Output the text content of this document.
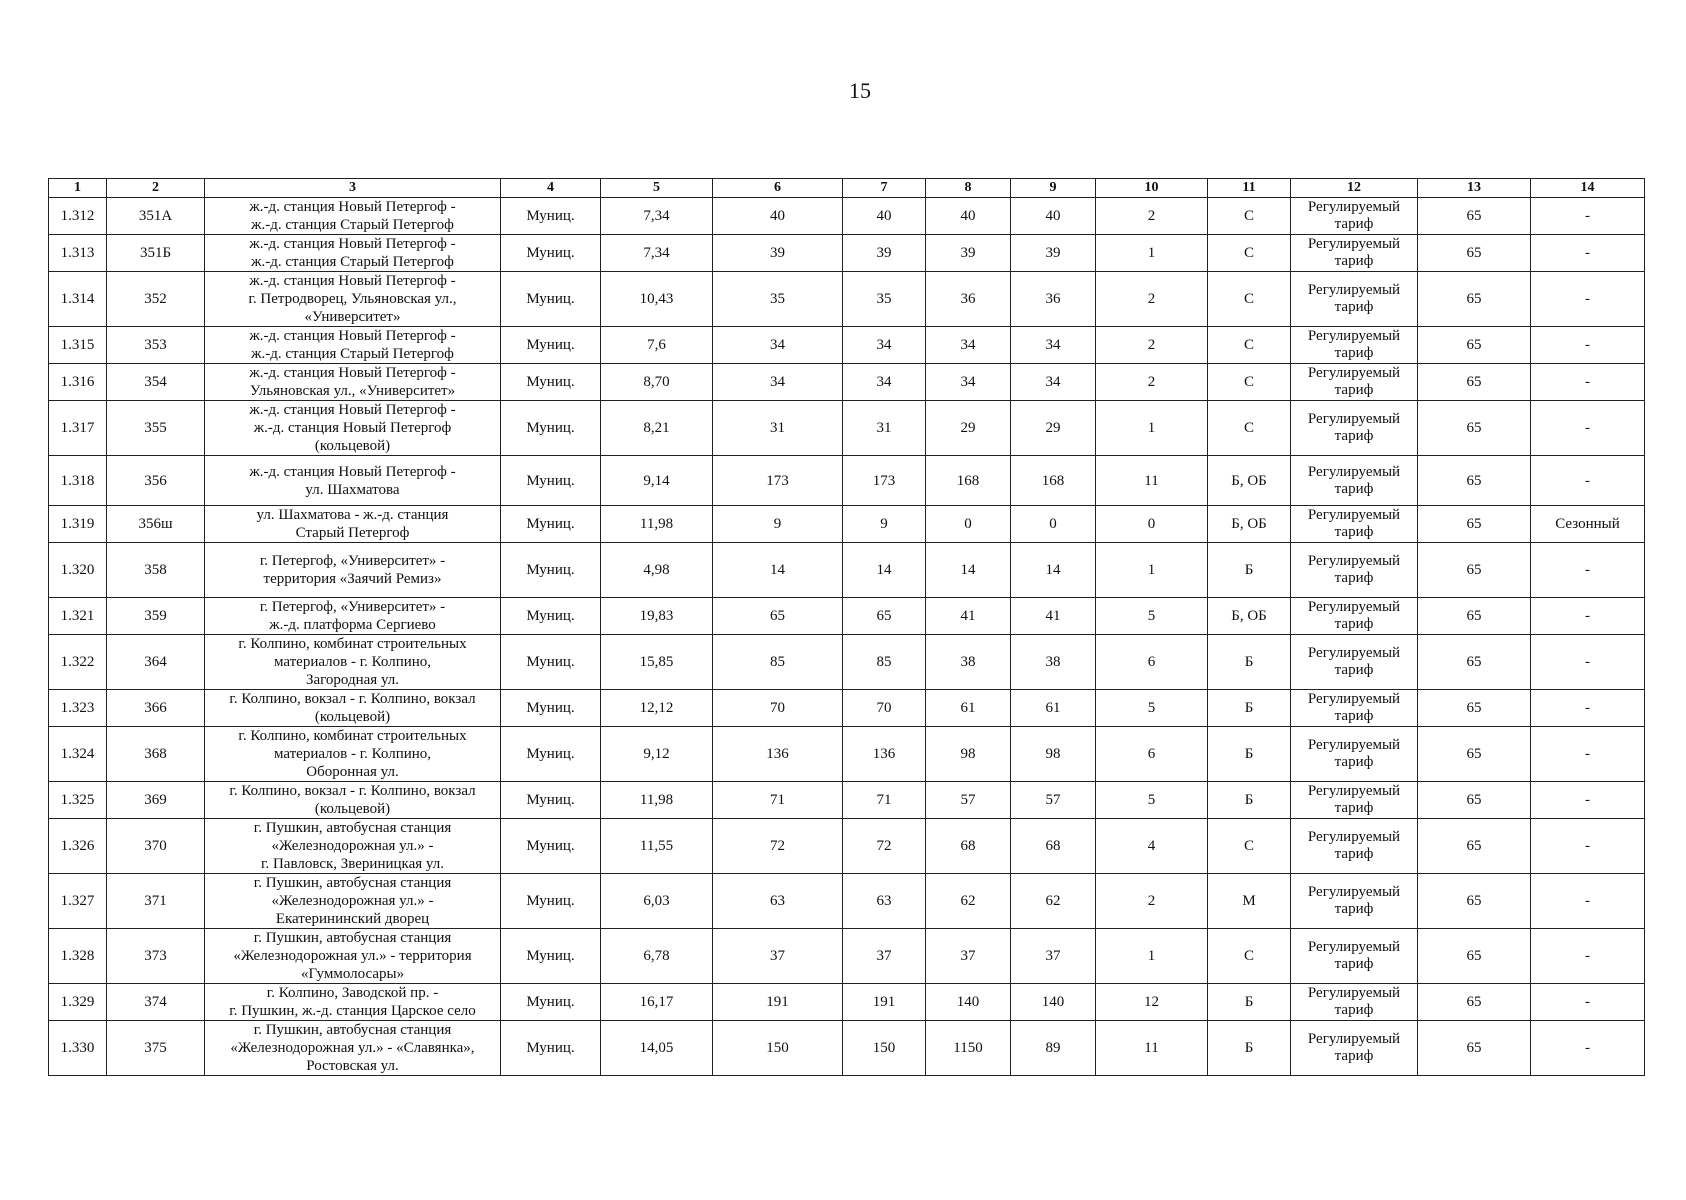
15
1	2	3	4	5	6	7	8	9	10	11	12	13	14
1.312	351А	ж.-д. станция Новый Петергоф -
ж.-д. станция Старый Петергоф	Муниц.	7,34	40	40	40	40	2	С	Регулируемый
тариф	65	-
1.313	351Б	ж.-д. станция Новый Петергоф -
ж.-д. станция Старый Петергоф	Муниц.	7,34	39	39	39	39	1	С	Регулируемый
тариф	65	-
1.314	352	ж.-д. станция Новый Петергоф -
г. Петродворец, Ульяновская ул.,
«Университет»	Муниц.	10,43	35	35	36	36	2	С	Регулируемый
тариф	65	-
1.315	353	ж.-д. станция Новый Петергоф -
ж.-д. станция Старый Петергоф	Муниц.	7,6	34	34	34	34	2	С	Регулируемый
тариф	65	-
1.316	354	ж.-д. станция Новый Петергоф -
Ульяновская ул., «Университет»	Муниц.	8,70	34	34	34	34	2	С	Регулируемый
тариф	65	-
1.317	355	ж.-д. станция Новый Петергоф -
ж.-д. станция Новый Петергоф
(кольцевой)	Муниц.	8,21	31	31	29	29	1	С	Регулируемый
тариф	65	-
1.318	356	ж.-д. станция Новый Петергоф -
ул. Шахматова	Муниц.	9,14	173	173	168	168	11	Б, ОБ	Регулируемый
тариф	65	-
1.319	356ш	ул. Шахматова - ж.-д. станция
Старый Петергоф	Муниц.	11,98	9	9	0	0	0	Б, ОБ	Регулируемый
тариф	65	Сезонный
1.320	358	г. Петергоф, «Университет» -
территория «Заячий Ремиз»	Муниц.	4,98	14	14	14	14	1	Б	Регулируемый
тариф	65	-
1.321	359	г. Петергоф, «Университет» -
ж.-д. платформа Сергиево	Муниц.	19,83	65	65	41	41	5	Б, ОБ	Регулируемый
тариф	65	-
1.322	364	г. Колпино, комбинат строительных
материалов - г. Колпино,
Загородная ул.	Муниц.	15,85	85	85	38	38	6	Б	Регулируемый
тариф	65	-
1.323	366	г. Колпино, вокзал - г. Колпино, вокзал
(кольцевой)	Муниц.	12,12	70	70	61	61	5	Б	Регулируемый
тариф	65	-
1.324	368	г. Колпино, комбинат строительных
материалов - г. Колпино,
Оборонная ул.	Муниц.	9,12	136	136	98	98	6	Б	Регулируемый
тариф	65	-
1.325	369	г. Колпино, вокзал - г. Колпино, вокзал
(кольцевой)	Муниц.	11,98	71	71	57	57	5	Б	Регулируемый
тариф	65	-
1.326	370	г. Пушкин, автобусная станция
«Железнодорожная ул.» -
г. Павловск, Звериницкая ул.	Муниц.	11,55	72	72	68	68	4	С	Регулируемый
тариф	65	-
1.327	371	г. Пушкин, автобусная станция
«Железнодорожная ул.» -
Екатерининский дворец	Муниц.	6,03	63	63	62	62	2	М	Регулируемый
тариф	65	-
1.328	373	г. Пушкин, автобусная станция
«Железнодорожная ул.» - территория
«Гуммолосары»	Муниц.	6,78	37	37	37	37	1	С	Регулируемый
тариф	65	-
1.329	374	г. Колпино, Заводской пр. -
г. Пушкин, ж.-д. станция Царское село	Муниц.	16,17	191	191	140	140	12	Б	Регулируемый
тариф	65	-
1.330	375	г. Пушкин, автобусная станция
«Железнодорожная ул.» - «Славянка»,
Ростовская ул.	Муниц.	14,05	150	150	1150	89	11	Б	Регулируемый
тариф	65	-
